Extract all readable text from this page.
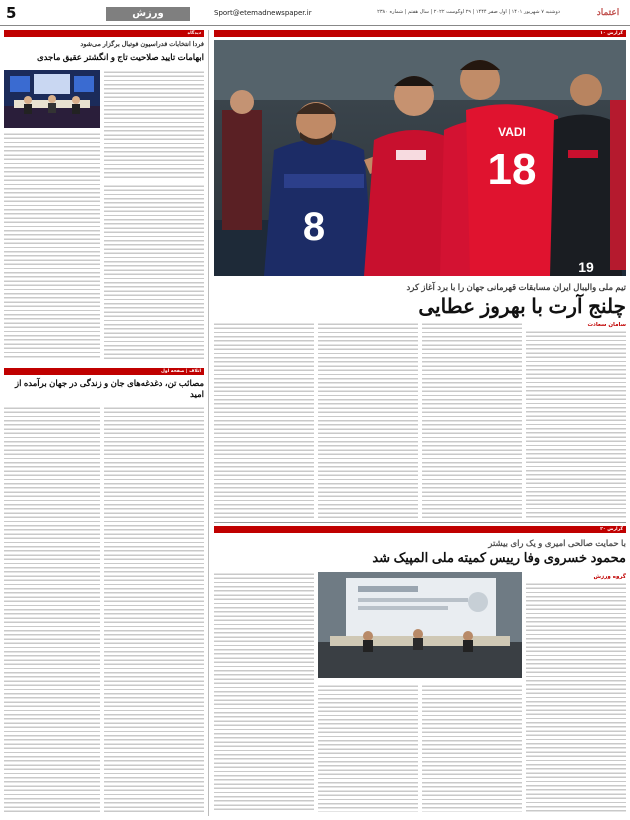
5	ورزش	Sport@etemadnewspaper.ir	دوشنبه ۷ شهریور ۱۴۰۱ | اول صفر ۱۴۴۴ | ۲۹ اوگوست ۲۰۲۲ | سال هفتم | شماره ۲۳۸۰	اعتماد
دیدگاه
فردا انتخابات فدراسیون فوتبال برگزار می‌شود
ابهامات تایید صلاحیت تاج و انگشتر عقیق ماجدی
اتلاف | صفحه اول
مصائب تن، دغدغه‌های جان و زندگی در جهان برآمده از امید
گزارش ۱۰
8
VADI
18
19
تیم ملی والیبال ایران مسابقات قهرمانی جهان را با برد آغاز کرد
چلنج آرت با بهروز عطایی
سامان سعادت
گزارش ۲۰
با حمایت صالحی امیری و یک رای بیشتر
محمود خسروی وفا رییس کمیته ملی المپیک شد
گروه ورزش
